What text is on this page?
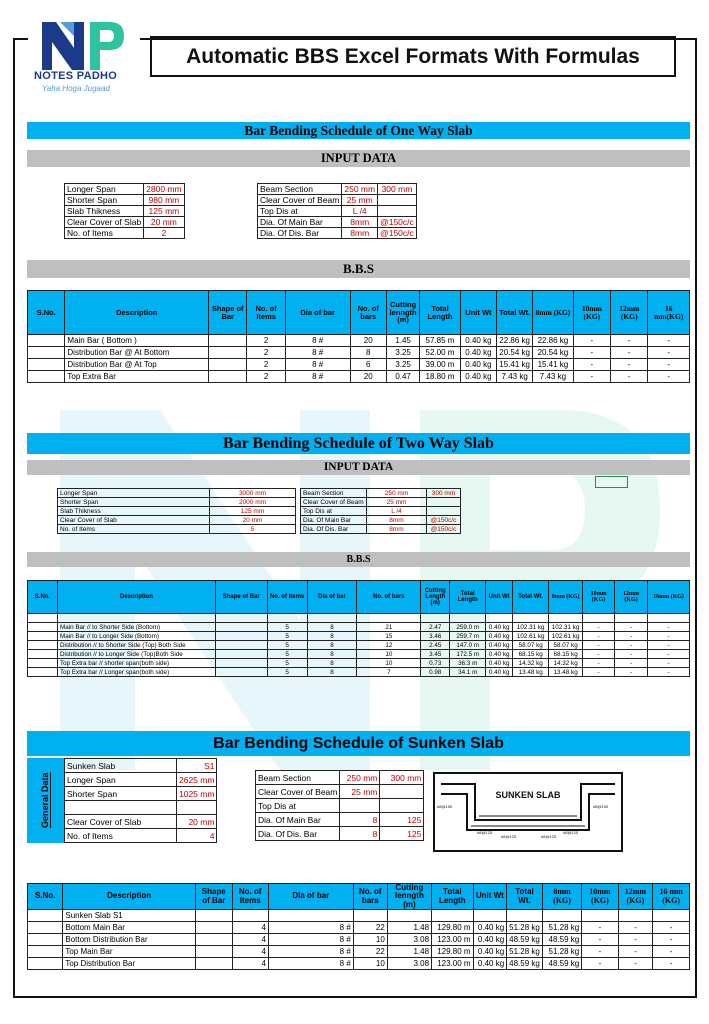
NOTES PADHO
Yaha Hoga Jugaad
Automatic BBS Excel Formats With Formulas
Bar Bending Schedule of One Way Slab
INPUT DATA
Longer Span	2800 mm
Shorter Span	980 mm
Slab Thikness	125 mm
Clear Cover of Slab	20 mm
No. of Items	2
Beam Section	250 mm	300 mm
Clear Cover of Beam	25 mm	
Top Dis at	L /4	
Dia. Of Main Bar	8mm	@150c/c
Dia. Of Dis. Bar	8mm	@150c/c
B.B.S
S.No.	Description	Shape of Bar	No. of Items	Dia of bar	No. of bars	Cutting lenngth (m)	Total Length	Unit Wt	Total Wt.	8mm (KG)	10mm (KG)	12mm (KG)	16 mm(KG)
	Main Bar ( Bottom )		2	8 #	20	1.45	57.85 m	0.40 kg	22.86 kg	22.86 kg	-	-	-
	Distribution Bar @ At Bottom		2	8 #	8	3.25	52.00 m	0.40 kg	20.54 kg	20.54 kg	-	-	-
	Distribution Bar @ At Top		2	8 #	6	3.25	39.00 m	0.40 kg	15.41 kg	15.41 kg	-	-	-
	Top Extra Bar		2	8 #	20	0.47	18.80 m	0.40 kg	7.43 kg	7.43 kg	-	-	-
Bar Bending Schedule of Two Way Slab
INPUT DATA
Longer Span	3000 mm
Shorter Span	2000 mm
Slab Thikness	125 mm
Clear Cover of Slab	20 mm
No. of Items	5
Beam Section	250 mm	300 mm
Clear Cover of Beam	25 mm	
Top Dis at	L /4	
Dia. Of Main Bar	8mm	@150c/c
Dia. Of Dis. Bar	8mm	@150c/c
B.B.S
S.No.	Description	Shape of Bar	No. of Items	Dia of bar	No. of bars	Cutting Length (m)	Total Length	Unit Wt	Total Wt.	8mm (KG)	10mm (KG)	12mm (KG)	16mm (KG)

	Main Bar // to Shorter Side (Bottom)		5	8	21	2.47	259.0 m	0.40 kg	102.31 kg	102.31 kg	-	-	-
	Main Bar // to Longer Side (Bottom)		5	8	15	3.46	259.7 m	0.40 kg	102.61 kg	102.61 kg	-	-	-
	Distribution // to Shorter Side (Top) Both Side		5	8	12	2.45	147.0 m	0.40 kg	58.07 kg	58.07 kg	-	-	-
	Distribution // to Longer Side (Top)Both Side		5	8	10	3.45	172.5 m	0.40 kg	68.15 kg	68.15 kg	-	-	-
	Top Extra bar // shorter span(both side)		5	8	10	0.73	36.3 m	0.40 kg	14.32 kg	14.32 kg	-	-	-
	Top Extra bar // Longer span(both side)		5	8	7	0.98	34.1 m	0.40 kg	13.48 kg	13.48 kg	-	-	-
Bar Bending Schedule of Sunken Slab
General Data
Sunken Slab	S1
Longer Span	2625 mm
Shorter Span	1025 mm

Clear Cover of Slab	20 mm
No. of Items	4
Beam Section	250 mm	300 mm
Clear Cover of Beam	25 mm	
Top Dis at		
Dia. Of Main Bar	8	125
Dia. Of Dis. Bar	8	125
SUNKEN SLAB
#8@150
#8@125
#8@125	#8@125
#8@125
#8@150
S.No.	Description	Shape of Bar	No. of Items	Dia of bar	No. of bars	Cutting lenngth (m)	Total Length	Unit Wt	Total Wt.	8mm (KG)	10mm (KG)	12mm (KG)	16 mm (KG)
	Sunken Slab S1												
	Bottom Main Bar		4	8 #	22	1.48	129.80 m	0.40 kg	51.28 kg	51.28 kg	-	-	-
	Bottom Distribution Bar		4	8 #	10	3.08	123.00 m	0.40 kg	48.59 kg	48.59 kg	-	-	-
	Top Main Bar		4	8 #	22	1.48	129.80 m	0.40 kg	51.28 kg	51.28 kg	-	-	-
	Top Distribution Bar		4	8 #	10	3.08	123.00 m	0.40 kg	48.59 kg	48.59 kg	-	-	-
